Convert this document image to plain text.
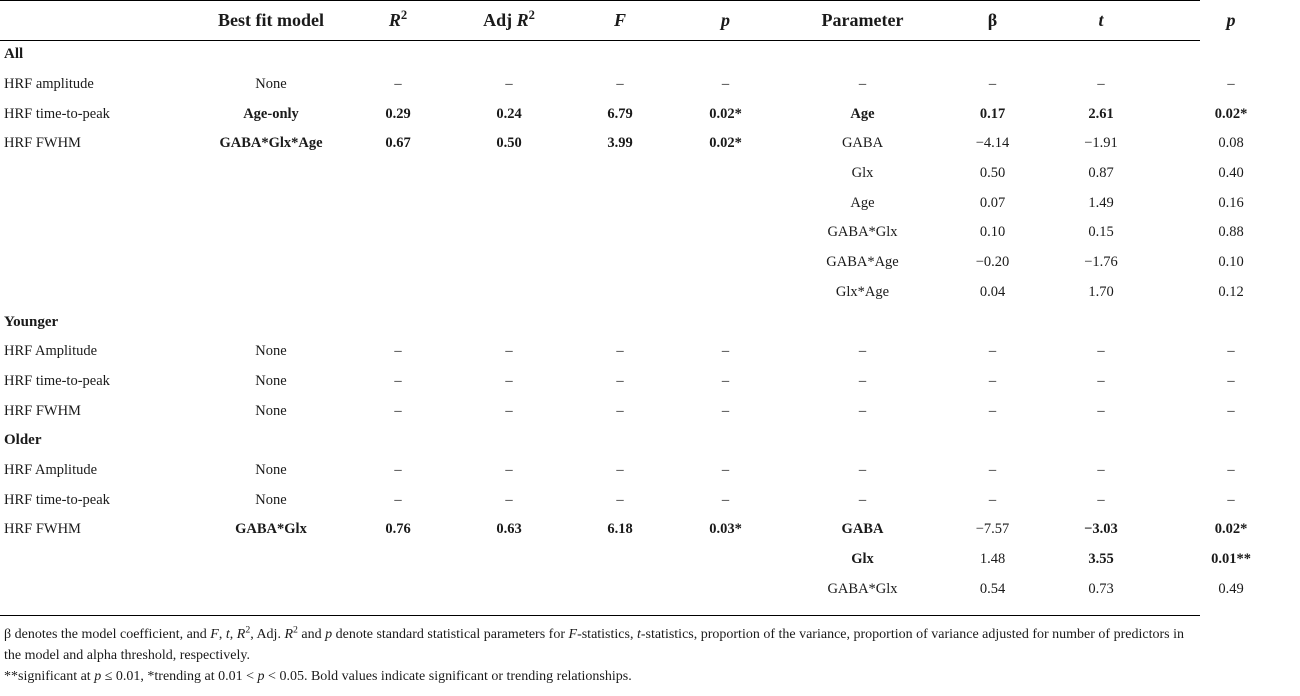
	Best fit model	$R^2$	Adj $R^2$	F	p	Parameter	β	t	p
All									
HRF amplitude	None	–	–	–	–	–	–	–	–
HRF time-to-peak	Age-only	0.29	0.24	6.79	0.02*	Age	0.17	2.61	0.02*
HRF FWHM	GABA*Glx*Age	0.67	0.50	3.99	0.02*	GABA	−4.14	−1.91	0.08
						Glx	0.50	0.87	0.40
						Age	0.07	1.49	0.16
						GABA*Glx	0.10	0.15	0.88
						GABA*Age	−0.20	−1.76	0.10
						Glx*Age	0.04	1.70	0.12
Younger									
HRF Amplitude	None	–	–	–	–	–	–	–	–
HRF time-to-peak	None	–	–	–	–	–	–	–	–
HRF FWHM	None	–	–	–	–	–	–	–	–
Older									
HRF Amplitude	None	–	–	–	–	–	–	–	–
HRF time-to-peak	None	–	–	–	–	–	–	–	–
HRF FWHM	GABA*Glx	0.76	0.63	6.18	0.03*	GABA	−7.57	−3.03	0.02*
						Glx	1.48	3.55	0.01**
						GABA*Glx	0.54	0.73	0.49

β denotes the model coefficient, and F, t, $R^2$, Adj. $R^2$ and p denote standard statistical parameters for F-statistics, t-statistics, proportion of the variance, proportion of variance adjusted for number of predictors in the model and alpha threshold, respectively.

**significant at p ≤ 0.01, *trending at 0.01 < p < 0.05. Bold values indicate significant or trending relationships.
